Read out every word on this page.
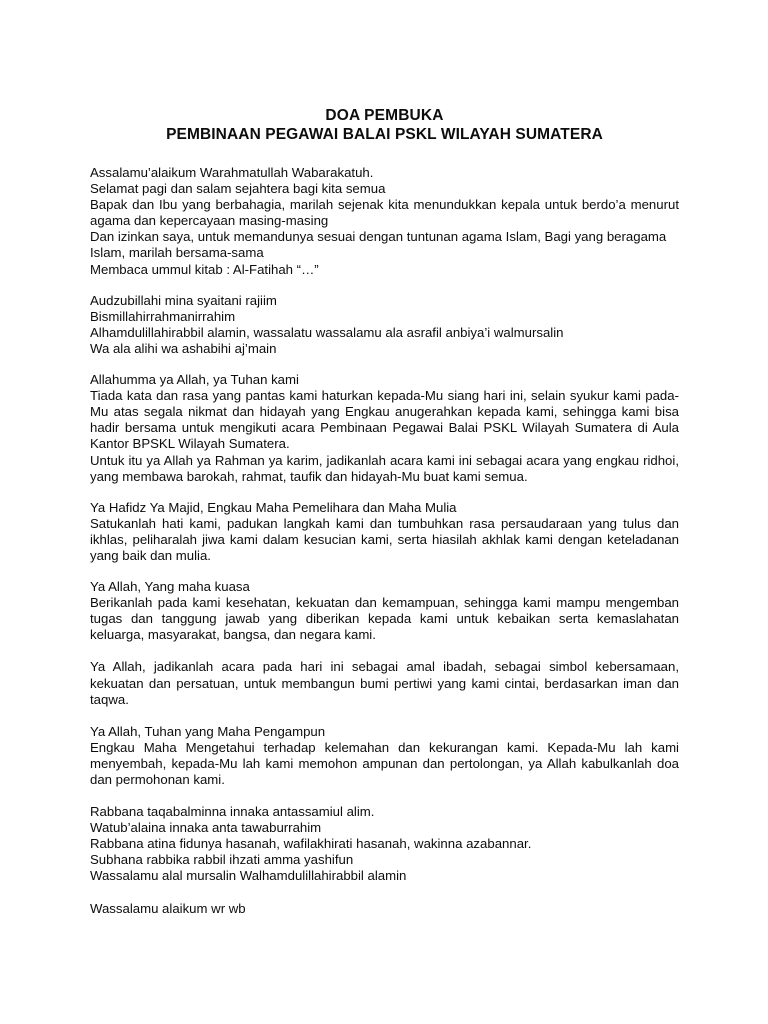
DOA PEMBUKA
PEMBINAAN PEGAWAI BALAI PSKL WILAYAH SUMATERA
Assalamu’alaikum Warahmatullah Wabarakatuh.
Selamat pagi dan salam sejahtera bagi kita semua
Bapak dan Ibu yang berbahagia, marilah sejenak kita menundukkan kepala untuk berdo’a menurut agama dan kepercayaan masing-masing
Dan izinkan saya, untuk memandunya sesuai dengan tuntunan agama Islam, Bagi yang beragama Islam, marilah bersama-sama
Membaca ummul kitab : Al-Fatihah “…”
Audzubillahi mina syaitani rajiim
Bismillahirrahmanirrahim
Alhamdulillahirabbil alamin, wassalatu wassalamu ala asrafil anbiya’i walmursalin
Wa ala alihi wa ashabihi aj’main
Allahumma ya Allah, ya Tuhan kami
Tiada kata dan rasa yang pantas kami haturkan kepada-Mu siang hari ini, selain syukur kami pada-Mu atas segala nikmat dan hidayah yang Engkau anugerahkan kepada kami, sehingga kami bisa hadir bersama untuk mengikuti acara Pembinaan Pegawai Balai PSKL Wilayah Sumatera di Aula Kantor BPSKL Wilayah Sumatera.
Untuk itu ya Allah ya Rahman ya karim, jadikanlah acara kami ini sebagai acara yang engkau ridhoi, yang membawa barokah, rahmat, taufik dan hidayah-Mu buat kami semua.
Ya Hafidz Ya Majid, Engkau Maha Pemelihara dan Maha Mulia
Satukanlah hati kami, padukan langkah kami dan tumbuhkan rasa persaudaraan yang tulus dan ikhlas, peliharalah jiwa kami dalam kesucian kami, serta hiasilah akhlak kami dengan keteladanan yang baik dan mulia.
Ya Allah, Yang maha kuasa
Berikanlah pada kami kesehatan, kekuatan dan kemampuan, sehingga kami mampu mengemban tugas dan tanggung jawab yang diberikan kepada kami untuk kebaikan serta kemaslahatan keluarga, masyarakat, bangsa, dan negara kami.
Ya Allah, jadikanlah acara pada hari ini sebagai amal ibadah, sebagai simbol kebersamaan, kekuatan dan persatuan, untuk membangun bumi pertiwi yang kami cintai, berdasarkan iman dan taqwa.
Ya Allah, Tuhan yang Maha Pengampun
Engkau Maha Mengetahui terhadap kelemahan dan kekurangan kami. Kepada-Mu lah kami menyembah, kepada-Mu lah kami memohon ampunan dan pertolongan, ya Allah kabulkanlah doa dan permohonan kami.
Rabbana taqabalminna innaka antassamiul alim.
Watub’alaina innaka anta tawaburrahim
Rabbana atina fidunya hasanah, wafilakhirati hasanah, wakinna azabannar.
Subhana rabbika rabbil ihzati amma yashifun
Wassalamu alal mursalin Walhamdulillahirabbil alamin
Wassalamu alaikum wr wb
